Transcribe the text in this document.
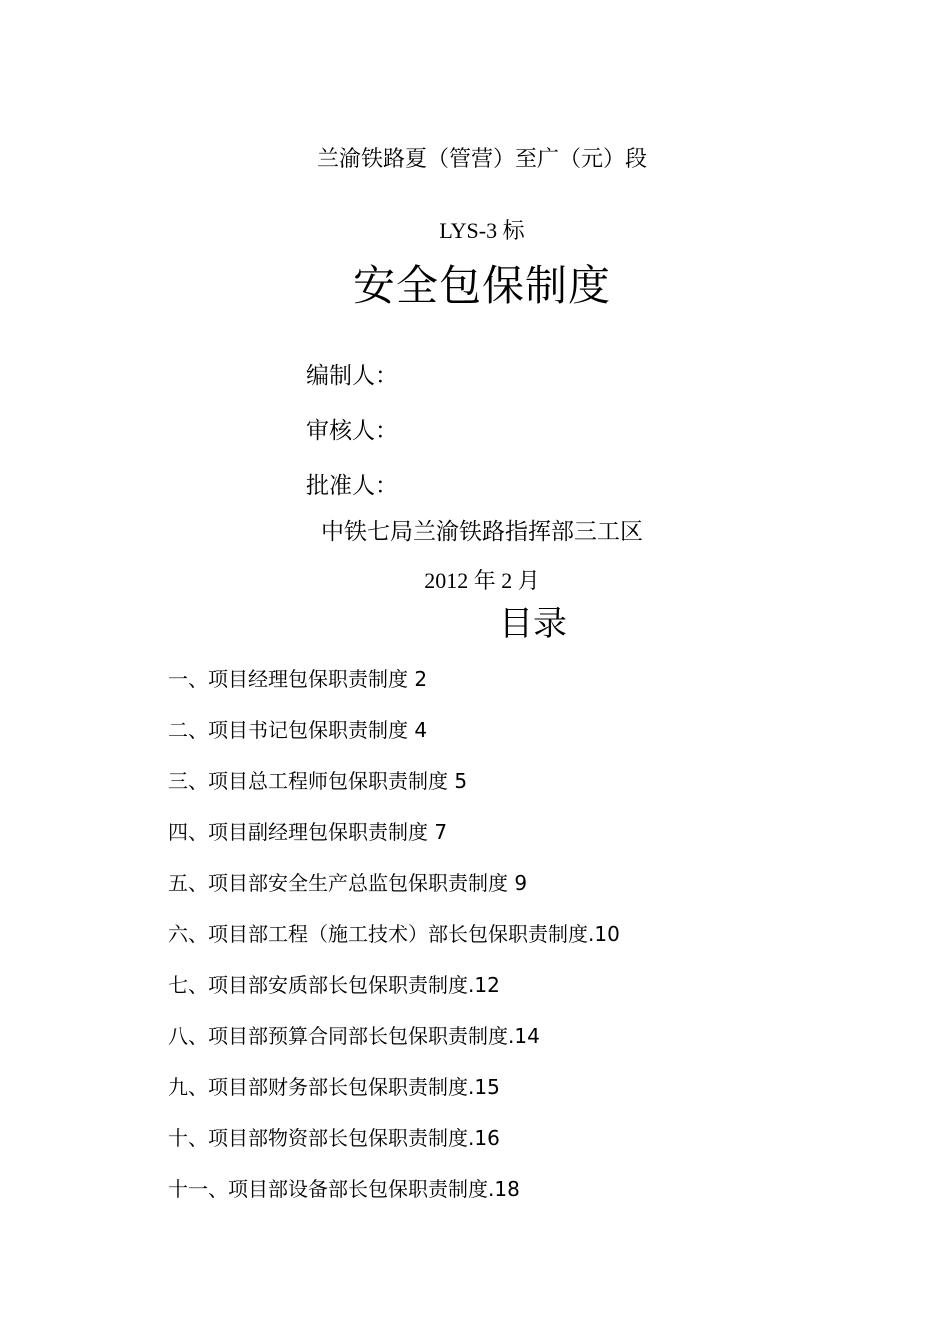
兰渝铁路夏（管营）至广（元）段
LYS-3 标
安全包保制度
编制人：
审核人：
批准人：
中铁七局兰渝铁路指挥部三工区
2012 年 2 月
目录
一、项目经理包保职责制度 2
二、项目书记包保职责制度 4
三、项目总工程师包保职责制度 5
四、项目副经理包保职责制度 7
五、项目部安全生产总监包保职责制度 9
六、项目部工程（施工技术）部长包保职责制度.10
七、项目部安质部长包保职责制度.12
八、项目部预算合同部长包保职责制度.14
九、项目部财务部长包保职责制度.15
十、项目部物资部长包保职责制度.16
十一、项目部设备部长包保职责制度.18
